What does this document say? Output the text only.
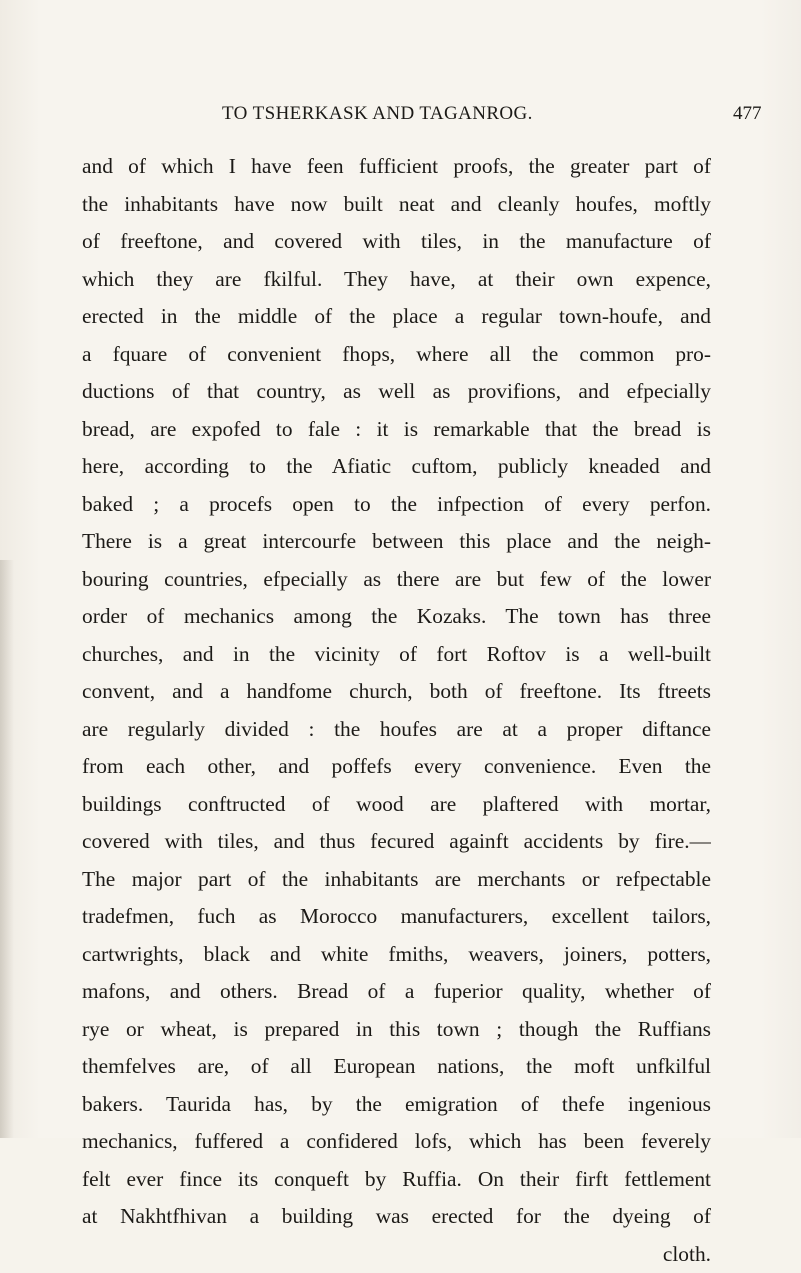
TO TSHERKASK AND TAGANROG.	477
and of which I have feen fufficient proofs, the greater part of
the inhabitants have now built neat and cleanly houfes, moftly
of freeftone, and covered with tiles, in the manufacture of
which they are fkilful. They have, at their own expence,
erected in the middle of the place a regular town-houfe, and
a fquare of convenient fhops, where all the common pro-
ductions of that country, as well as provifions, and efpecially
bread, are expofed to fale : it is remarkable that the bread is
here, according to the Afiatic cuftom, publicly kneaded and
baked ; a procefs open to the infpection of every perfon.
There is a great intercourfe between this place and the neigh-
bouring countries, efpecially as there are but few of the lower
order of mechanics among the Kozaks. The town has three
churches, and in the vicinity of fort Roftov is a well-built
convent, and a handfome church, both of freeftone. Its ftreets
are regularly divided : the houfes are at a proper diftance
from each other, and poffefs every convenience. Even the
buildings conftructed of wood are plaftered with mortar,
covered with tiles, and thus fecured againft accidents by fire.—
The major part of the inhabitants are merchants or refpectable
tradefmen, fuch as Morocco manufacturers, excellent tailors,
cartwrights, black and white fmiths, weavers, joiners, potters,
mafons, and others. Bread of a fuperior quality, whether of
rye or wheat, is prepared in this town ; though the Ruffians
themfelves are, of all European nations, the moft unfkilful
bakers. Taurida has, by the emigration of thefe ingenious
mechanics, fuffered a confidered lofs, which has been feverely
felt ever fince its conqueft by Ruffia. On their firft fettlement
at Nakhtfhivan a building was erected for the dyeing of
cloth.
